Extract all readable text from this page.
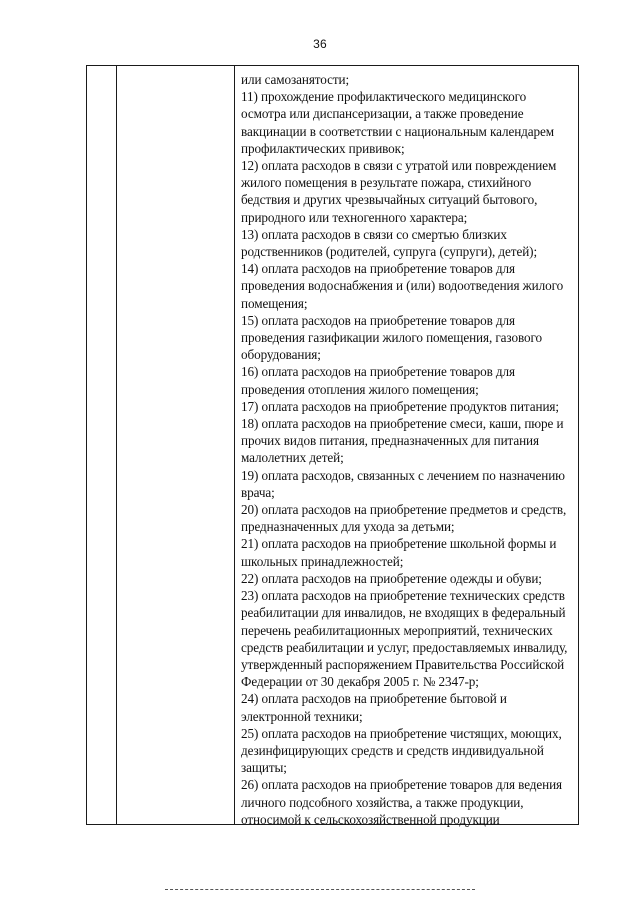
36
или самозанятости;
11) прохождение профилактического медицинского
осмотра или диспансеризации, а также проведение
вакцинации в соответствии с национальным календарем
профилактических прививок;
12) оплата расходов в связи с утратой или повреждением
жилого помещения в результате пожара, стихийного
бедствия и других чрезвычайных ситуаций бытового,
природного или техногенного характера;
13) оплата расходов в связи со смертью близких
родственников (родителей, супруга (супруги), детей);
14) оплата расходов на приобретение товаров для
проведения водоснабжения и (или) водоотведения жилого
помещения;
15) оплата расходов на приобретение товаров для
проведения газификации жилого помещения, газового
оборудования;
16) оплата расходов на приобретение товаров для
проведения отопления жилого помещения;
17) оплата расходов на приобретение продуктов питания;
18) оплата расходов на приобретение смеси, каши, пюре и
прочих видов питания, предназначенных для питания
малолетних детей;
19) оплата расходов, связанных с лечением по назначению
врача;
20) оплата расходов на приобретение предметов и средств,
предназначенных для ухода за детьми;
21) оплата расходов на приобретение школьной формы и
школьных принадлежностей;
22) оплата расходов на приобретение одежды и обуви;
23) оплата расходов на приобретение технических средств
реабилитации для инвалидов, не входящих в федеральный
перечень реабилитационных мероприятий, технических
средств реабилитации и услуг, предоставляемых инвалиду,
утвержденный распоряжением Правительства Российской
Федерации от 30 декабря 2005 г. № 2347-р;
24) оплата расходов на приобретение бытовой и
электронной техники;
25) оплата расходов на приобретение чистящих, моющих,
дезинфицирующих средств и средств индивидуальной
защиты;
26) оплата расходов на приобретение товаров для ведения
личного подсобного хозяйства, а также продукции,
относимой к сельскохозяйственной продукции
